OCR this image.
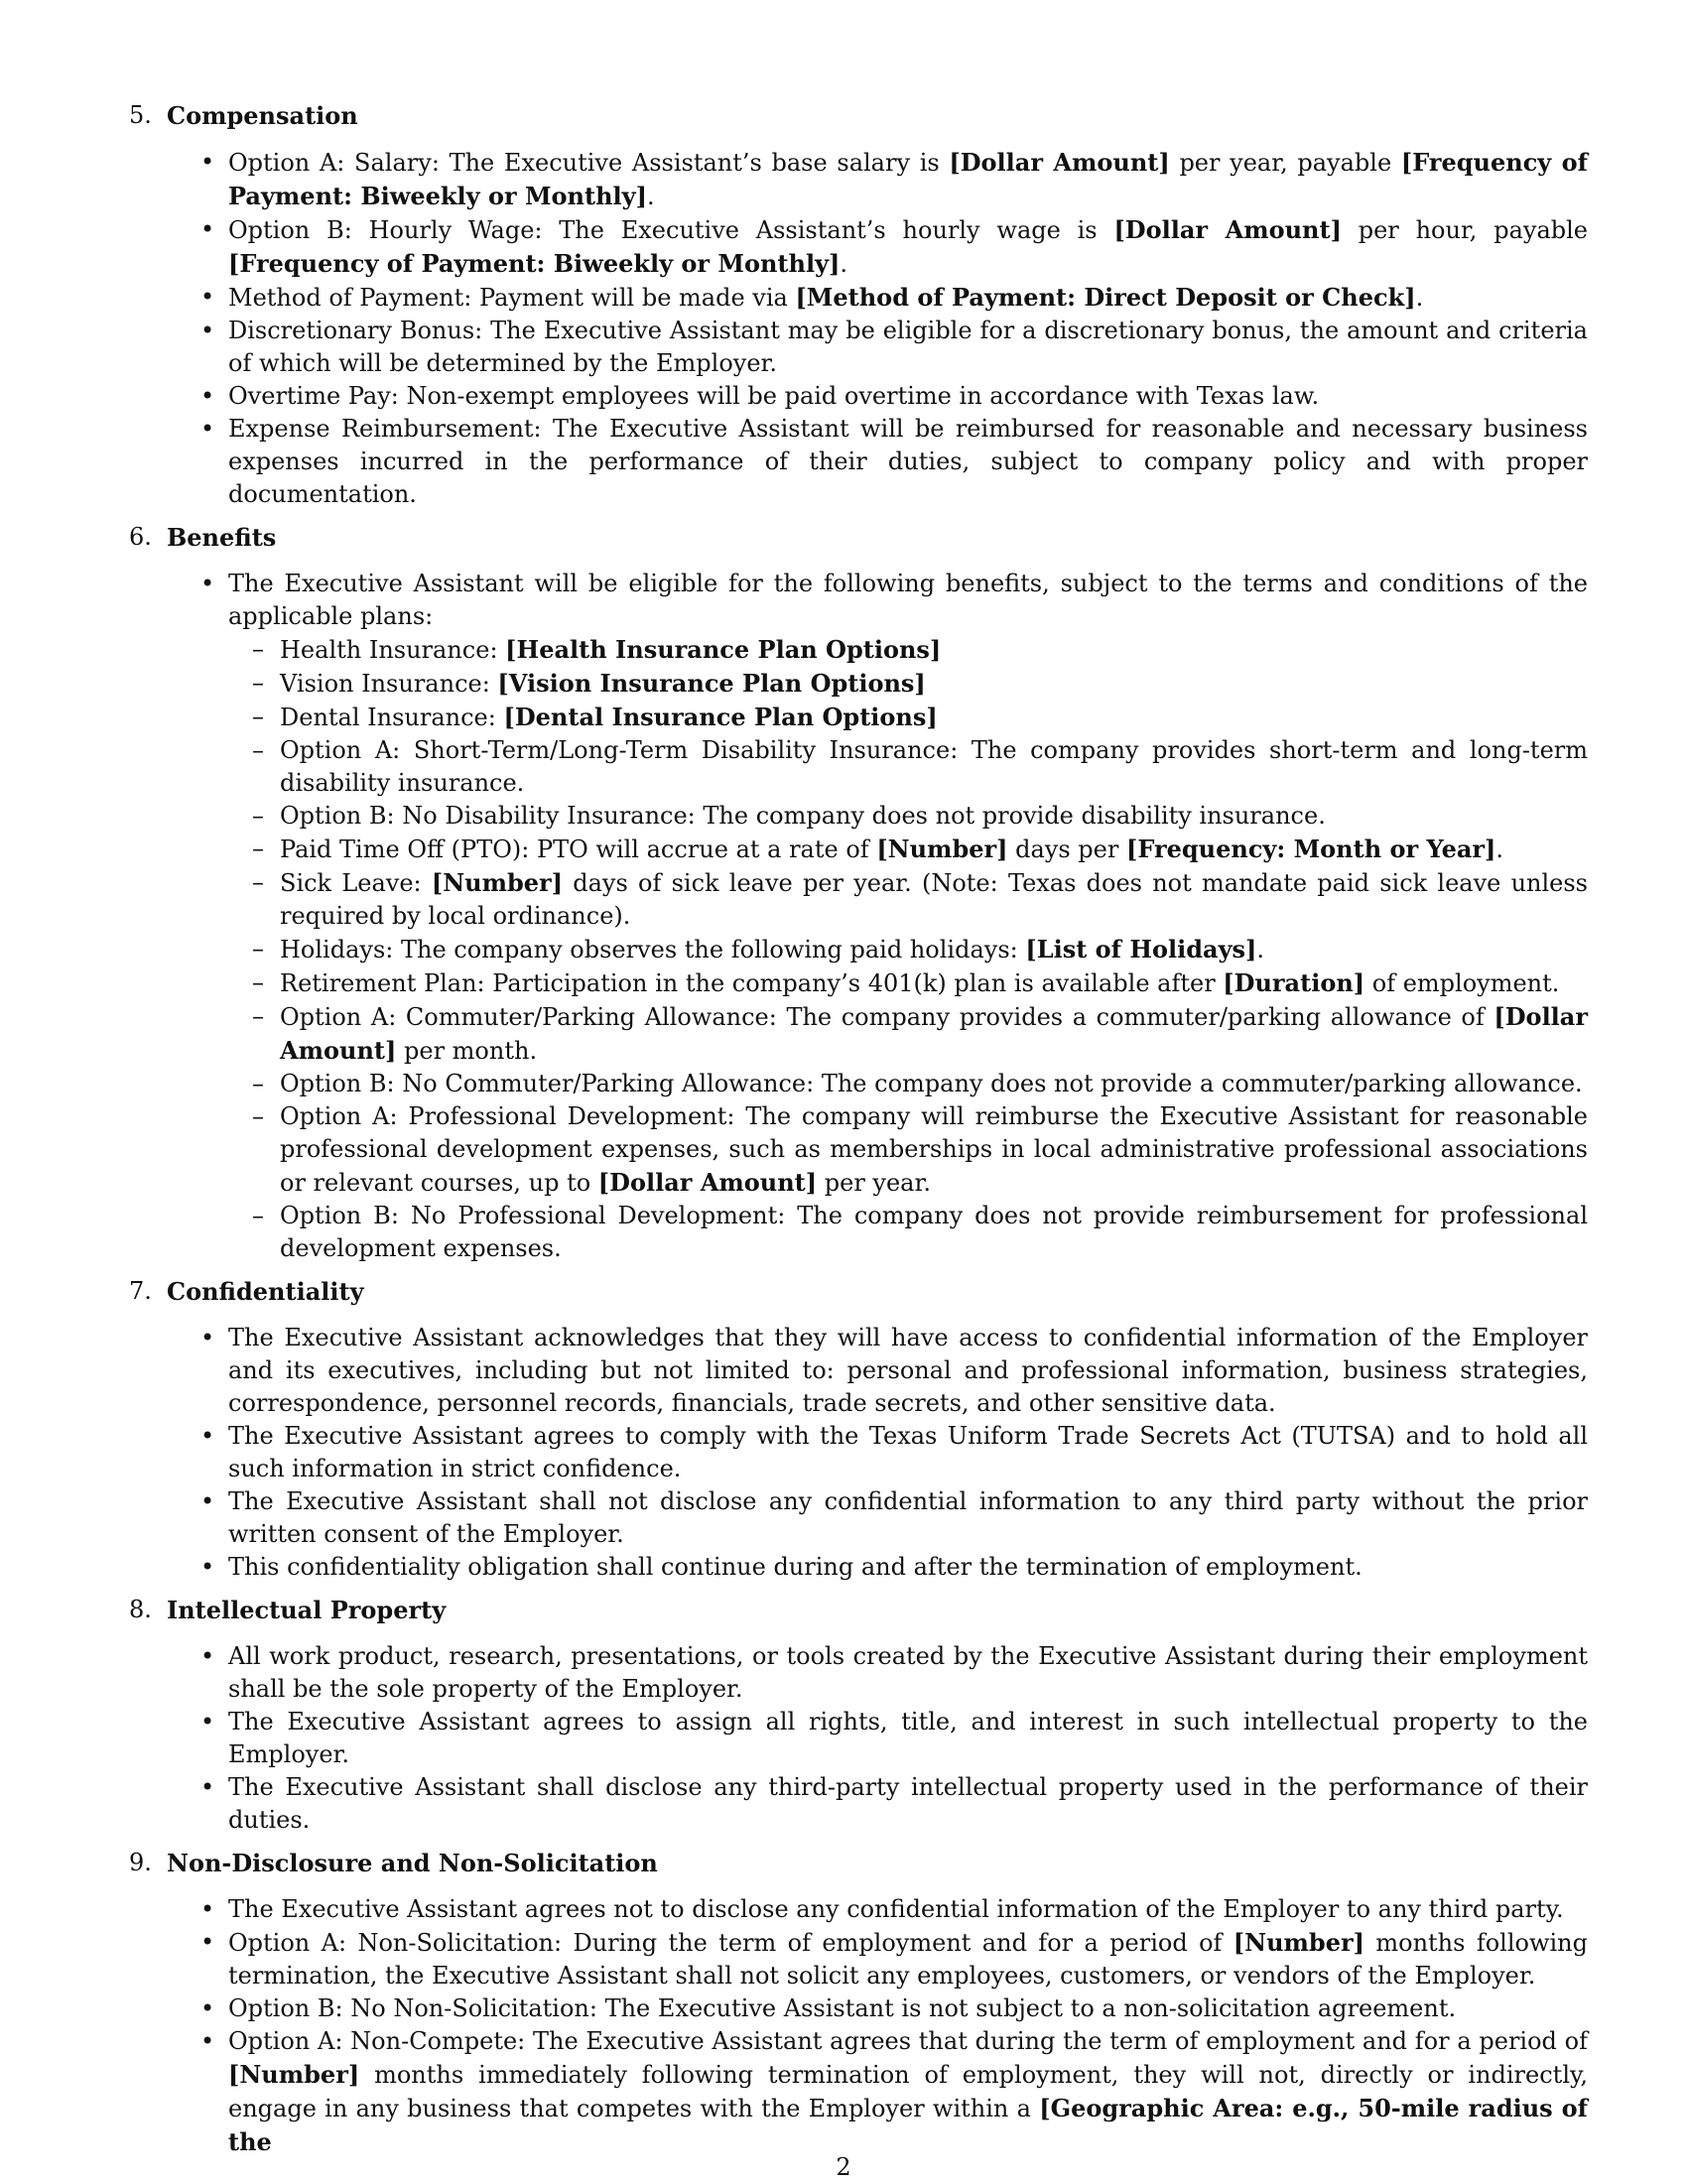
5. Compensation
• Option A: Salary: The Executive Assistant’s base salary is [Dollar Amount] per year, payable [Frequency of Payment: Biweekly or Monthly].
• Option B: Hourly Wage: The Executive Assistant’s hourly wage is [Dollar Amount] per hour, payable [Frequency of Payment: Biweekly or Monthly].
• Method of Payment: Payment will be made via [Method of Payment: Direct Deposit or Check].
• Discretionary Bonus: The Executive Assistant may be eligible for a discretionary bonus, the amount and criteria of which will be determined by the Employer.
• Overtime Pay: Non-exempt employees will be paid overtime in accordance with Texas law.
• Expense Reimbursement: The Executive Assistant will be reimbursed for reasonable and necessary business expenses incurred in the performance of their duties, subject to company policy and with proper documentation.
6. Benefits
• The Executive Assistant will be eligible for the following benefits, subject to the terms and conditions of the applicable plans:
– Health Insurance: [Health Insurance Plan Options]
– Vision Insurance: [Vision Insurance Plan Options]
– Dental Insurance: [Dental Insurance Plan Options]
– Option A: Short-Term/Long-Term Disability Insurance: The company provides short-term and long-term disability insurance.
– Option B: No Disability Insurance: The company does not provide disability insurance.
– Paid Time Off (PTO): PTO will accrue at a rate of [Number] days per [Frequency: Month or Year].
– Sick Leave: [Number] days of sick leave per year. (Note: Texas does not mandate paid sick leave unless required by local ordinance).
– Holidays: The company observes the following paid holidays: [List of Holidays].
– Retirement Plan: Participation in the company’s 401(k) plan is available after [Duration] of employment.
– Option A: Commuter/Parking Allowance: The company provides a commuter/parking allowance of [Dollar Amount] per month.
– Option B: No Commuter/Parking Allowance: The company does not provide a commuter/parking allowance.
– Option A: Professional Development: The company will reimburse the Executive Assistant for reasonable professional development expenses, such as memberships in local administrative professional associations or relevant courses, up to [Dollar Amount] per year.
– Option B: No Professional Development: The company does not provide reimbursement for professional development expenses.
7. Confidentiality
• The Executive Assistant acknowledges that they will have access to confidential information of the Employer and its executives, including but not limited to: personal and professional information, business strategies, correspondence, personnel records, financials, trade secrets, and other sensitive data.
• The Executive Assistant agrees to comply with the Texas Uniform Trade Secrets Act (TUTSA) and to hold all such information in strict confidence.
• The Executive Assistant shall not disclose any confidential information to any third party without the prior written consent of the Employer.
• This confidentiality obligation shall continue during and after the termination of employment.
8. Intellectual Property
• All work product, research, presentations, or tools created by the Executive Assistant during their employment shall be the sole property of the Employer.
• The Executive Assistant agrees to assign all rights, title, and interest in such intellectual property to the Employer.
• The Executive Assistant shall disclose any third-party intellectual property used in the performance of their duties.
9. Non-Disclosure and Non-Solicitation
• The Executive Assistant agrees not to disclose any confidential information of the Employer to any third party.
• Option A: Non-Solicitation: During the term of employment and for a period of [Number] months following termination, the Executive Assistant shall not solicit any employees, customers, or vendors of the Employer.
• Option B: No Non-Solicitation: The Executive Assistant is not subject to a non-solicitation agreement.
• Option A: Non-Compete: The Executive Assistant agrees that during the term of employment and for a period of [Number] months immediately following termination of employment, they will not, directly or indirectly, engage in any business that competes with the Employer within a [Geographic Area: e.g., 50-mile radius of the
2
